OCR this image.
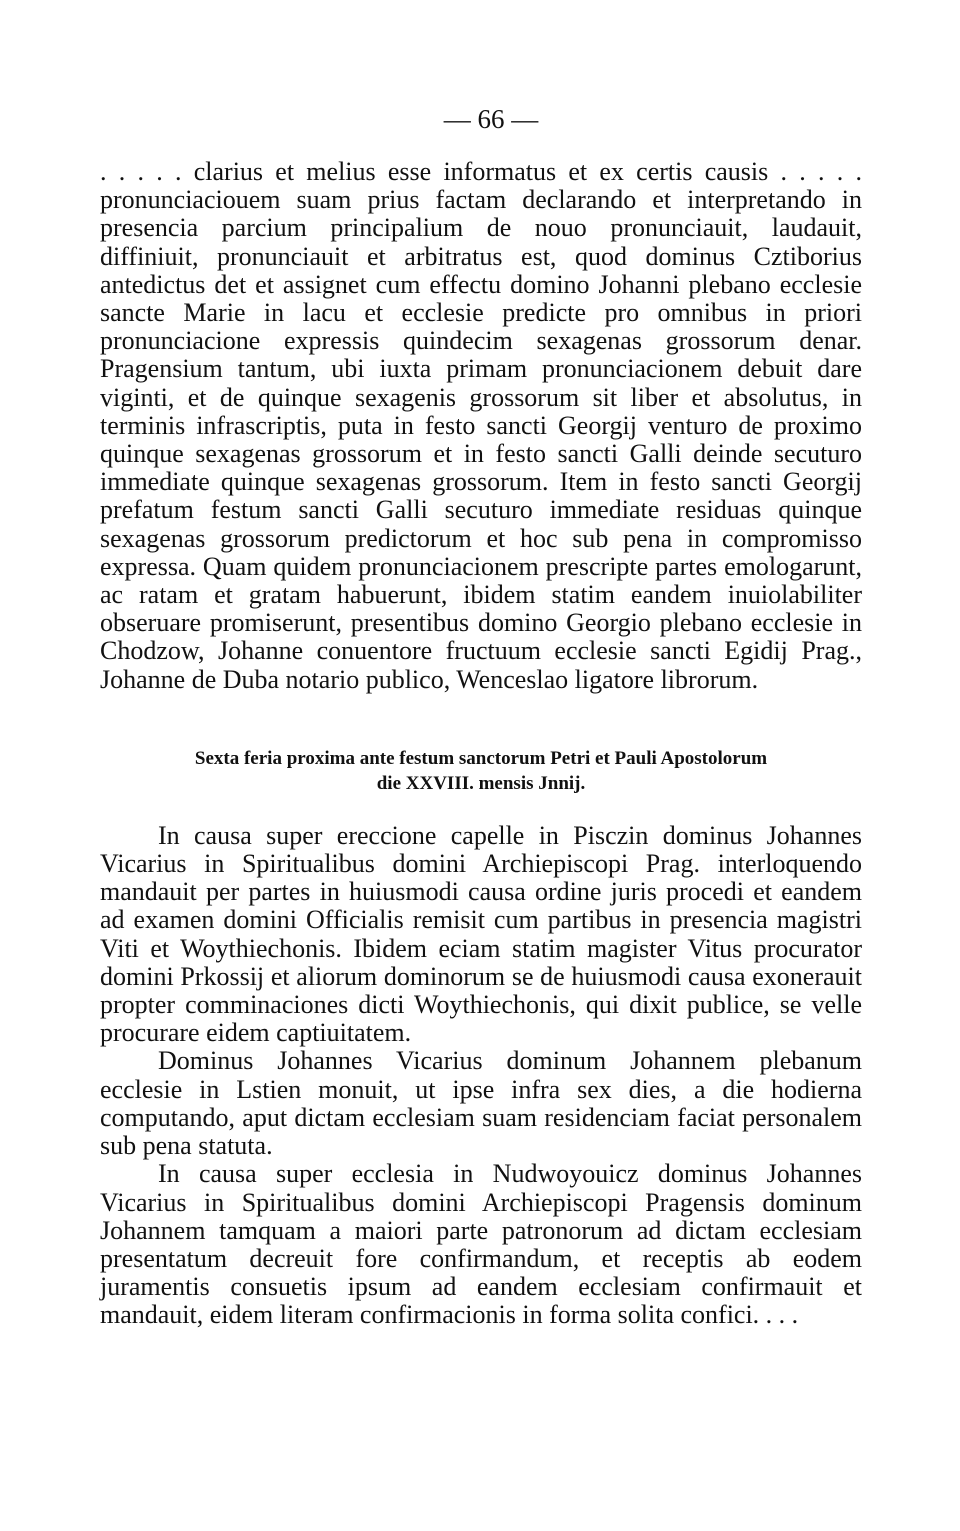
— 66 —

. . . . . clarius et melius esse informatus et ex certis causis . . . . . pronunciaciouem suam prius factam declarando et interpretando in presencia parcium principalium de nouo pronunciauit, laudauit, diffiniuit, pronunciauit et arbitratus est, quod dominus Cztiborius antedictus det et assignet cum effectu domino Johanni plebano ecclesie sancte Marie in lacu et ecclesie predicte pro omnibus in priori pronunciacione expressis quindecim sexagenas grossorum denar. Pragensium tantum, ubi iuxta primam pronunciacionem debuit dare viginti, et de quinque sexagenis grossorum sit liber et absolutus, in terminis infrascriptis, puta in festo sancti Georgij venturo de proximo quinque sexagenas grossorum et in festo sancti Galli deinde secuturo immediate quinque sexagenas grossorum. Item in festo sancti Georgij prefatum festum sancti Galli secuturo immediate residuas quinque sexagenas grossorum predictorum et hoc sub pena in compromisso expressa. Quam quidem pronunciacionem prescripte partes emologarunt, ac ratam et gratam habuerunt, ibidem statim eandem inuiolabiliter obseruare promiserunt, presentibus domino Georgio plebano ecclesie in Chodzow, Johanne conuentore fructuum ecclesie sancti Egidij Prag., Johanne de Duba notario publico, Wenceslao ligatore librorum.

Sexta feria proxima ante festum sanctorum Petri et Pauli Apostolorum
die XXVIII. mensis Jnnij.

In causa super ereccione capelle in Pisczin dominus Johannes Vicarius in Spiritualibus domini Archiepiscopi Prag. interloquendo mandauit per partes in huiusmodi causa ordine juris procedi et eandem ad examen domini Officialis remisit cum partibus in presencia magistri Viti et Woythiechonis. Ibidem eciam statim magister Vitus procurator domini Prkossij et aliorum dominorum se de huiusmodi causa exonerauit propter comminaciones dicti Woythiechonis, qui dixit publice, se velle procurare eidem captiuitatem.

Dominus Johannes Vicarius dominum Johannem plebanum ecclesie in Lstien monuit, ut ipse infra sex dies, a die hodierna computando, aput dictam ecclesiam suam residenciam faciat personalem sub pena statuta.

In causa super ecclesia in Nudwoyouicz dominus Johannes Vicarius in Spiritualibus domini Archiepiscopi Pragensis dominum Johannem tamquam a maiori parte patronorum ad dictam ecclesiam presentatum decreuit fore confirmandum, et receptis ab eodem juramentis consuetis ipsum ad eandem ecclesiam confirmauit et mandauit, eidem literam confirmacionis in forma solita confici. . . .
